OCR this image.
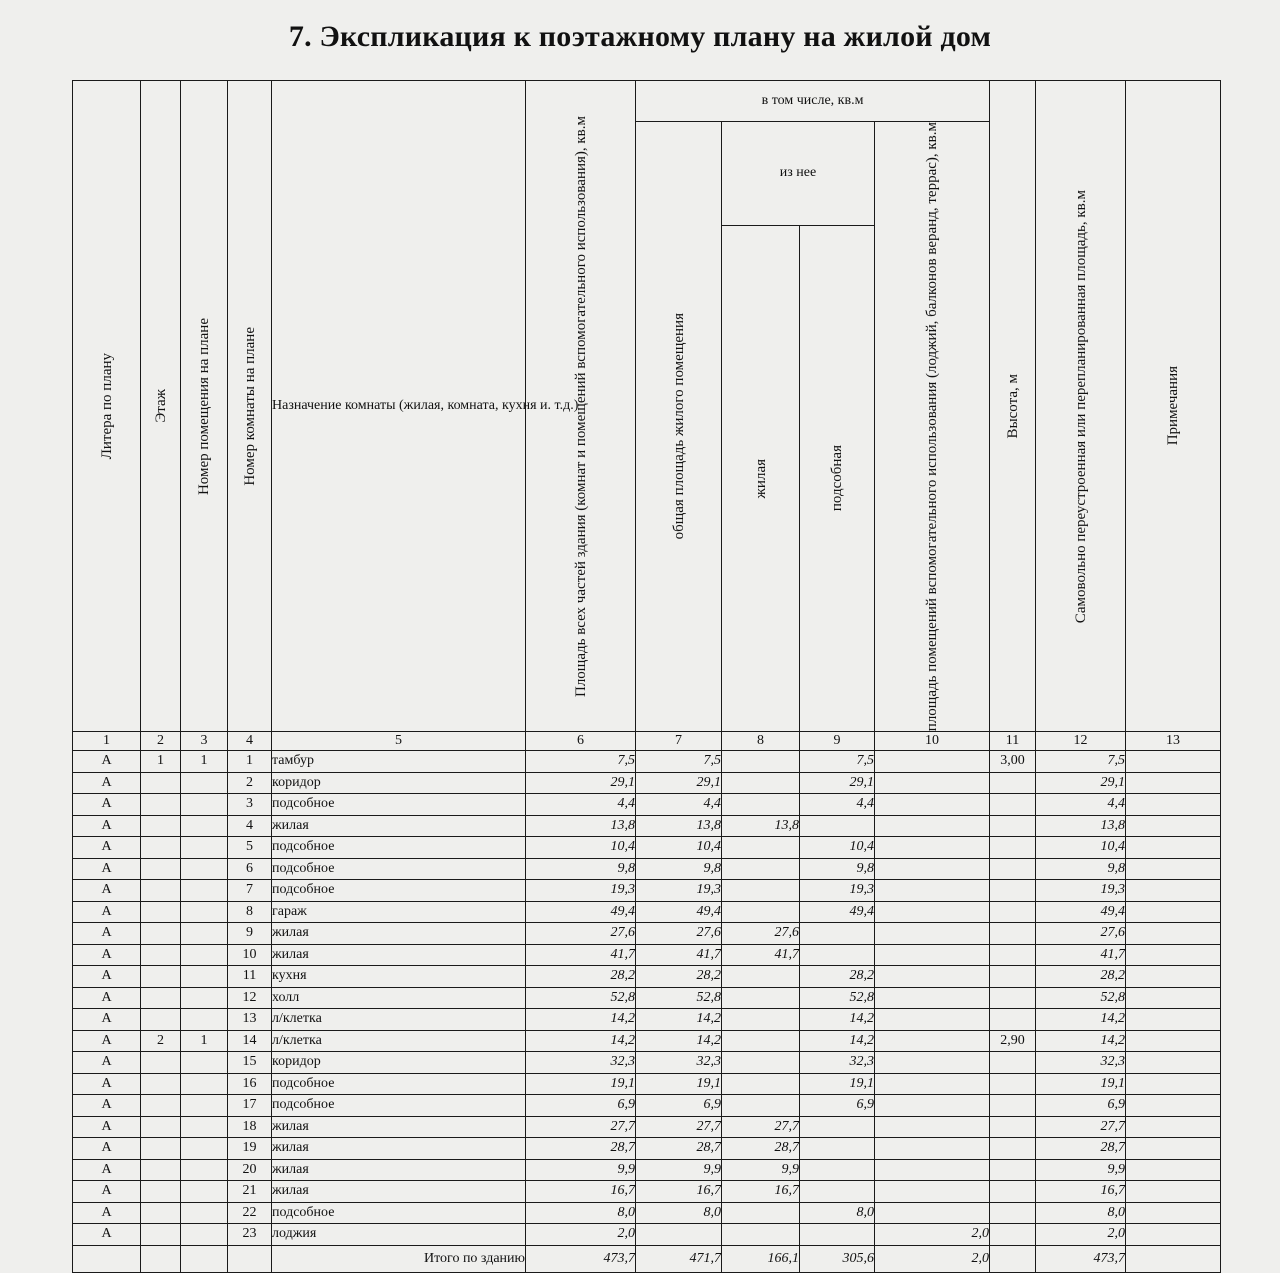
7. Экспликация к поэтажному плану на жилой дом
Литера по плану	Этаж	Номер помещения на плане	Номер комнаты на плане	Назначение комнаты (жилая, комната, кухня и. т.д.)	Площадь всех частей здания (комнат и помещений вспомогательного использования), кв.м	в том числе, кв.м				Высота, м	Самовольно переустроенная или перепланированная площадь, кв.м	Примечания

						общая площадь жилого помещения	из нее		площадь помещений вспомогательного использования (лоджий, балконов веранд, террас), кв.м			

							жилая	подсобная				

1	2	3	4	5	6	7	8	9	10	11	12	13
А	1	1	1	тамбур	7,5	7,5		7,5		3,00	7,5	
А			2	коридор	29,1	29,1		29,1			29,1	
А			3	подсобное	4,4	4,4		4,4			4,4	
А			4	жилая	13,8	13,8	13,8				13,8	
А			5	подсобное	10,4	10,4		10,4			10,4	
А			6	подсобное	9,8	9,8		9,8			9,8	
А			7	подсобное	19,3	19,3		19,3			19,3	
А			8	гараж	49,4	49,4		49,4			49,4	
А			9	жилая	27,6	27,6	27,6				27,6	
А			10	жилая	41,7	41,7	41,7				41,7	
А			11	кухня	28,2	28,2		28,2			28,2	
А			12	холл	52,8	52,8		52,8			52,8	
А			13	л/клетка	14,2	14,2		14,2			14,2	
А	2	1	14	л/клетка	14,2	14,2		14,2		2,90	14,2	
А			15	коридор	32,3	32,3		32,3			32,3	
А			16	подсобное	19,1	19,1		19,1			19,1	
А			17	подсобное	6,9	6,9		6,9			6,9	
А			18	жилая	27,7	27,7	27,7				27,7	
А			19	жилая	28,7	28,7	28,7				28,7	
А			20	жилая	9,9	9,9	9,9				9,9	
А			21	жилая	16,7	16,7	16,7				16,7	
А			22	подсобное	8,0	8,0		8,0			8,0	
А			23	лоджия	2,0				2,0		2,0	
				Итого по зданию	473,7	471,7	166,1	305,6	2,0		473,7	
